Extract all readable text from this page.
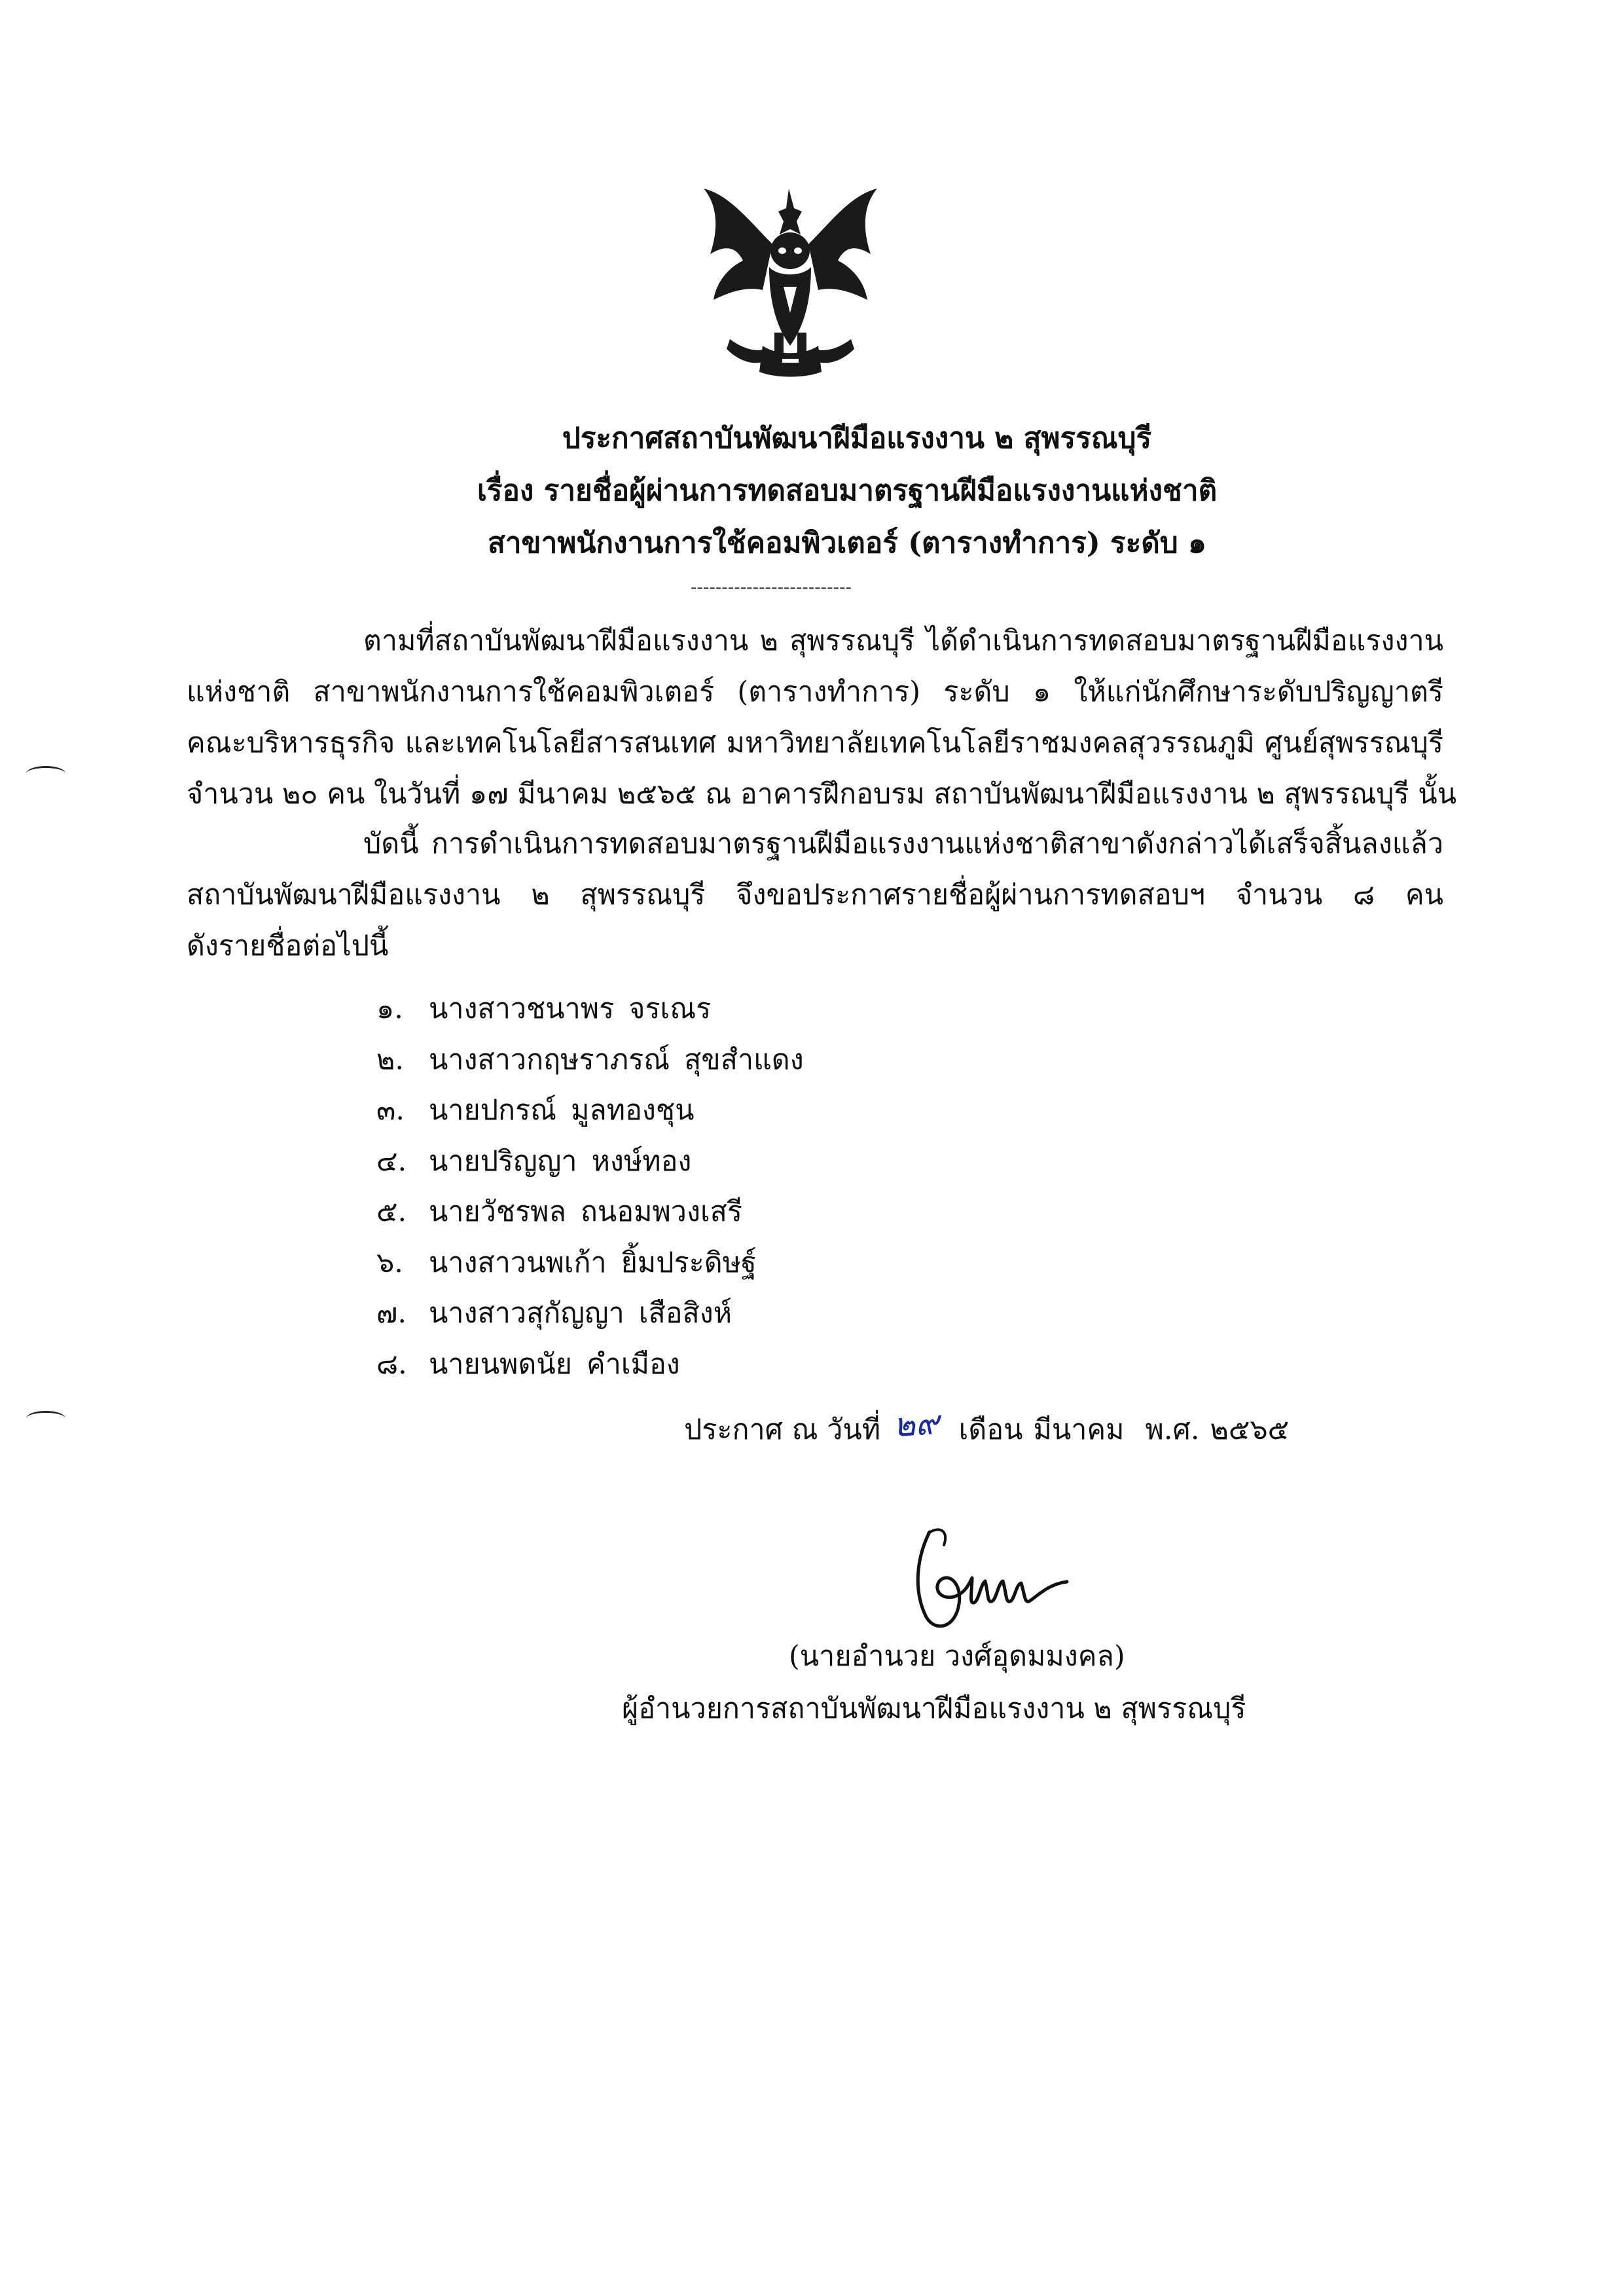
ประกาศสถาบันพัฒนาฝีมือแรงงาน ๒ สุพรรณบุรี
เรื่อง รายชื่อผู้ผ่านการทดสอบมาตรฐานฝีมือแรงงานแห่งชาติ
สาขาพนักงานการใช้คอมพิวเตอร์ (ตารางทำการ) ระดับ ๑
--------------------------
ตามที่สถาบันพัฒนาฝีมือแรงงาน ๒ สุพรรณบุรี ได้ดำเนินการทดสอบมาตรฐานฝีมือแรงงาน
แห่งชาติ สาขาพนักงานการใช้คอมพิวเตอร์ (ตารางทำการ) ระดับ ๑ ให้แก่นักศึกษาระดับปริญญาตรี
คณะบริหารธุรกิจ และเทคโนโลยีสารสนเทศ มหาวิทยาลัยเทคโนโลยีราชมงคลสุวรรณภูมิ ศูนย์สุพรรณบุรี
จำนวน ๒๐ คน ในวันที่ ๑๗ มีนาคม ๒๕๖๕ ณ อาคารฝึกอบรม สถาบันพัฒนาฝีมือแรงงาน ๒ สุพรรณบุรี นั้น
บัดนี้ การดำเนินการทดสอบมาตรฐานฝีมือแรงงานแห่งชาติสาขาดังกล่าวได้เสร็จสิ้นลงแล้ว
สถาบันพัฒนาฝีมือแรงงาน ๒ สุพรรณบุรี จึงขอประกาศรายชื่อผู้ผ่านการทดสอบฯ จำนวน ๘ คน
ดังรายชื่อต่อไปนี้
๑. นางสาวชนาพร จรเณร
๒. นางสาวกฤษราภรณ์ สุขสำแดง
๓. นายปกรณ์ มูลทองชุน
๔. นายปริญญา หงษ์ทอง
๕. นายวัชรพล ถนอมพวงเสรี
๖. นางสาวนพเก้า ยิ้มประดิษฐ์
๗. นางสาวสุกัญญา เสือสิงห์
๘. นายนพดนัย คำเมือง
ประกาศ ณ วันที่ ๒๙ เดือน มีนาคม พ.ศ. ๒๕๖๕
(นายอำนวย วงศ์อุดมมงคล)
ผู้อำนวยการสถาบันพัฒนาฝีมือแรงงาน ๒ สุพรรณบุรี
